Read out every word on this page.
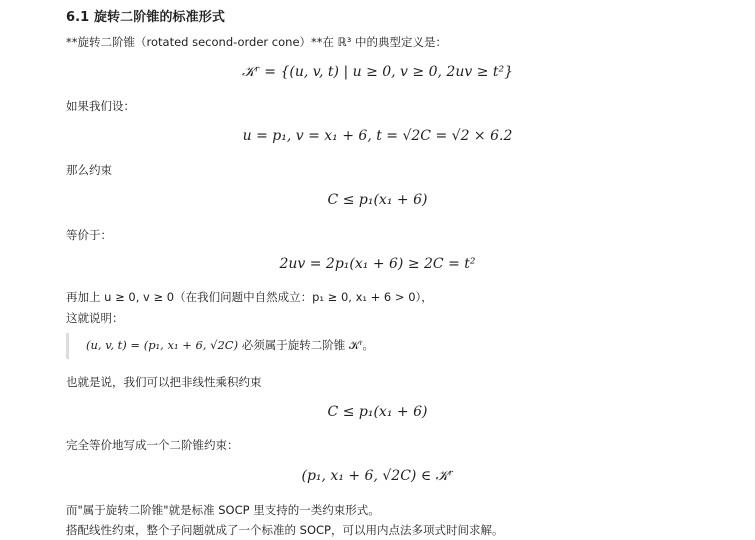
6.1 旋转二阶锥的标准形式
**旋转二阶锥（rotated second-order cone）**在 ℝ³ 中的典型定义是：
𝒦ʳ = {(u, v, t) | u ≥ 0, v ≥ 0, 2uv ≥ t²}
如果我们设：
u = p₁, v = x₁ + 6, t = √2C = √2 × 6.2
那么约束
C ≤ p₁(x₁ + 6)
等价于：
2uv = 2p₁(x₁ + 6) ≥ 2C = t²
再加上 u ≥ 0, v ≥ 0（在我们问题中自然成立：p₁ ≥ 0, x₁ + 6 > 0），
这就说明：
(u, v, t) = (p₁, x₁ + 6, √2C) 必须属于旋转二阶锥 𝒦ʳ。
也就是说，我们可以把非线性乘积约束
C ≤ p₁(x₁ + 6)
完全等价地写成一个二阶锥约束：
(p₁, x₁ + 6, √2C) ∈ 𝒦ʳ
而"属于旋转二阶锥"就是标准 SOCP 里支持的一类约束形式。
搭配线性约束，整个子问题就成了一个标准的 SOCP，可以用内点法多项式时间求解。
